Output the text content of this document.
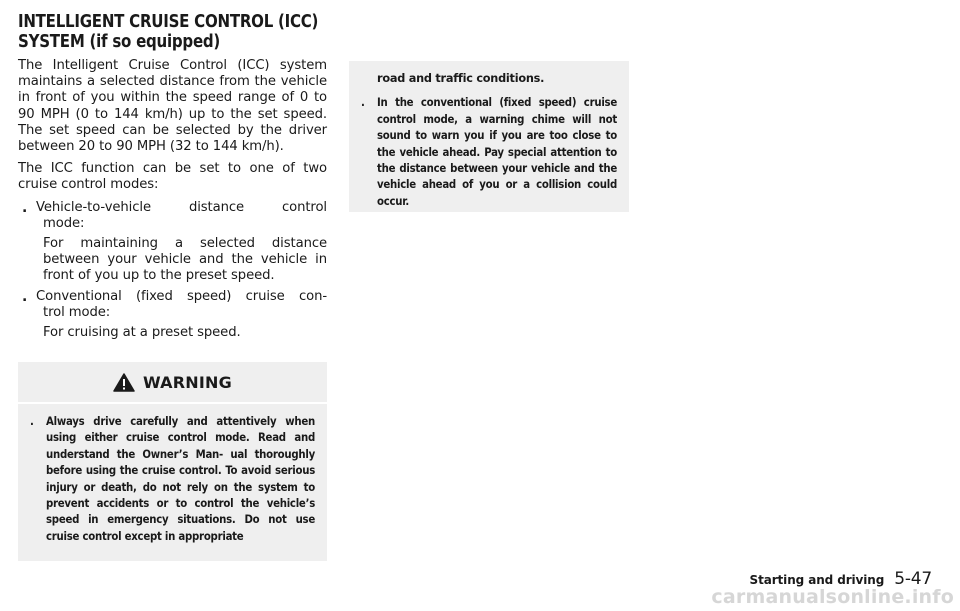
INTELLIGENT CRUISE CONTROL (ICC)
SYSTEM (if so equipped)

The Intelligent Cruise Control (ICC) system maintains a selected distance from the vehicle in front of you within the speed range of 0 to 90 MPH (0 to 144 km/h) up to the set speed. The set speed can be selected by the driver between 20 to 90 MPH (32 to 144 km/h).

The ICC function can be set to one of two cruise control modes:

. Vehicle-to-vehicle distance control
mode:
For maintaining a selected distance between your vehicle and the vehicle in front of you up to the preset speed.
. Conventional (fixed speed) cruise con-
trol mode:
For cruising at a preset speed.
WARNING
. Always drive carefully and attentively when using either cruise control mode. Read and understand the Owner’s Man- ual thoroughly before using the cruise control. To avoid serious injury or death, do not rely on the system to prevent accidents or to control the vehicle’s speed in emergency situations. Do not use cruise control except in appropriate
road and traffic conditions.
. In the conventional (fixed speed) cruise control mode, a warning chime will not sound to warn you if you are too close to the vehicle ahead. Pay special attention to the distance between your vehicle and the vehicle ahead of you or a collision could occur.
Starting and driving 5-47
carmanualsonline.info
